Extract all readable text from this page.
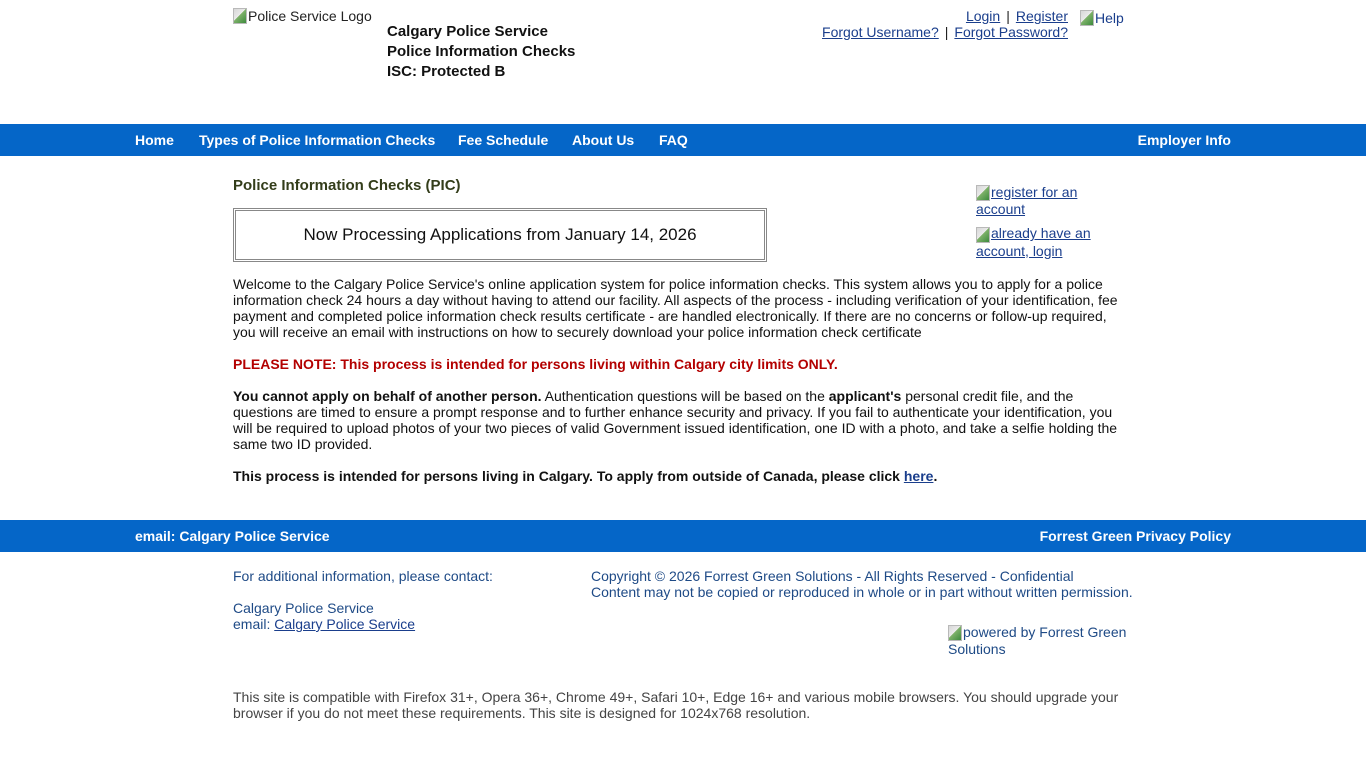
Police Service Logo
Calgary Police Service
Police Information Checks
ISC: Protected B
Login | Register
Forgot Username? | Forgot Password?
Help
Home Types of Police Information Checks Fee Schedule About Us FAQ	Employer Info
Police Information Checks (PIC)
Now Processing Applications from January 14, 2026
register for an account
already have an account, login

Welcome to the Calgary Police Service's online application system for police information checks. This system allows you to apply for a police information check 24 hours a day without having to attend our facility. All aspects of the process - including verification of your identification, fee payment and completed police information check results certificate - are handled electronically. If there are no concerns or follow-up required, you will receive an email with instructions on how to securely download your police information check certificate

PLEASE NOTE: This process is intended for persons living within Calgary city limits ONLY.

You cannot apply on behalf of another person. Authentication questions will be based on the applicant's personal credit file, and the questions are timed to ensure a prompt response and to further enhance security and privacy. If you fail to authenticate your identification, you will be required to upload photos of your two pieces of valid Government issued identification, one ID with a photo, and take a selfie holding the same two ID provided.

This process is intended for persons living in Calgary. To apply from outside of Canada, please click here.

email: Calgary Police Service	Forrest Green Privacy Policy

For additional information, please contact:

Calgary Police Service
email: Calgary Police Service
Copyright © 2026 Forrest Green Solutions - All Rights Reserved - Confidential
Content may not be copied or reproduced in whole or in part without written permission.
powered by Forrest Green Solutions
This site is compatible with Firefox 31+, Opera 36+, Chrome 49+, Safari 10+, Edge 16+ and various mobile browsers. You should upgrade your browser if you do not meet these requirements. This site is designed for 1024x768 resolution.
